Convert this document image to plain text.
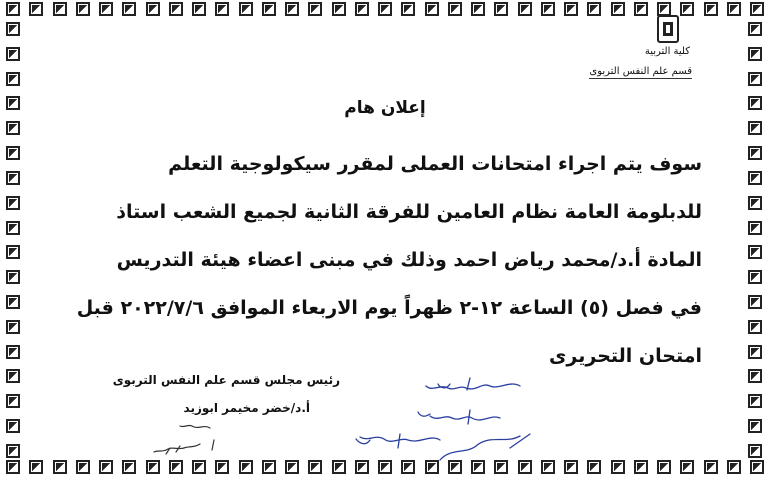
كلية التربية
قسم علم النفس التربوى
إعلان هام
سوف يتم اجراء امتحانات العملى لمقرر سيكولوجية التعلم
للدبلومة العامة نظام العامين للفرقة الثانية لجميع الشعب استاذ
المادة أ.د/محمد رياض احمد وذلك في مبنى اعضاء هيئة التدريس
في فصل (٥) الساعة ١٢-٢ ظهراً يوم الاربعاء الموافق ٢٠٢٢/٧/٦ قبل
امتحان التحريرى
رئيس مجلس قسم علم النفس التربوى
أ.د/خضر مخيمر ابوزيد
